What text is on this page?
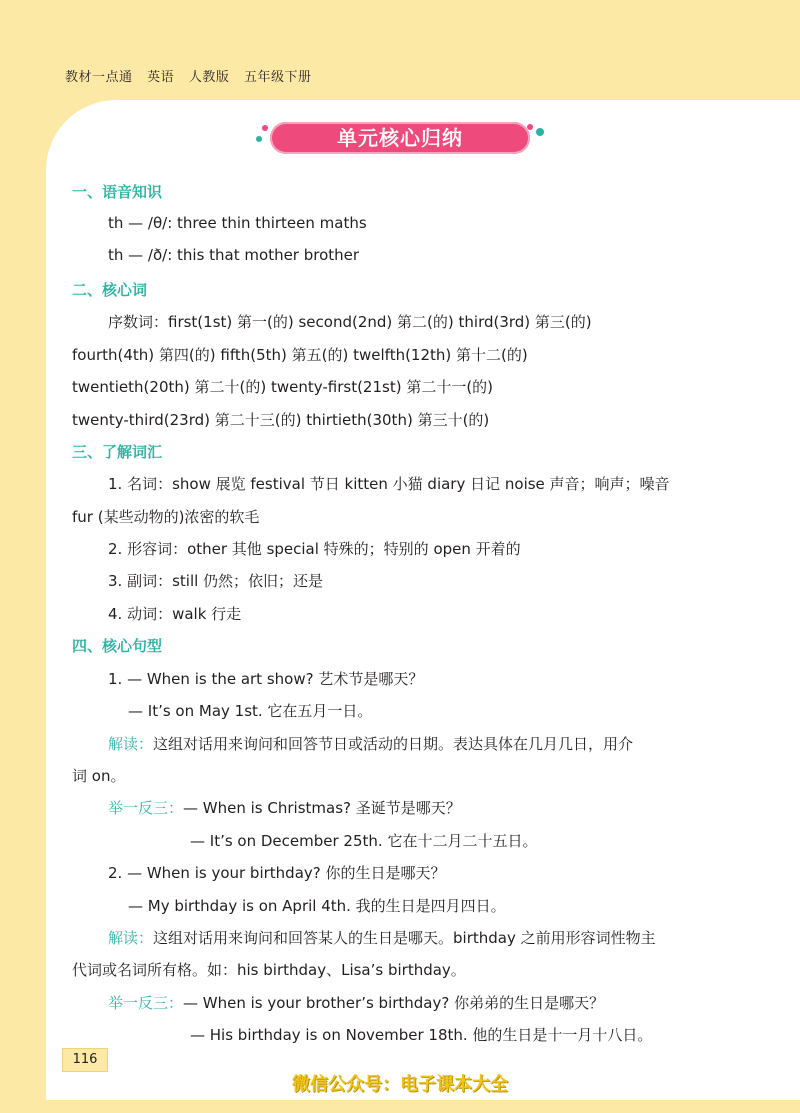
教材一点通 英语 人教版 五年级下册
单元核心归纳
一、语音知识
th — /θ/: three thin thirteen maths
th — /ð/: this that mother brother
二、核心词
序数词：first(1st) 第一(的) second(2nd) 第二(的) third(3rd) 第三(的)
fourth(4th) 第四(的) fifth(5th) 第五(的) twelfth(12th) 第十二(的)
twentieth(20th) 第二十(的) twenty-first(21st) 第二十一(的)
twenty-third(23rd) 第二十三(的) thirtieth(30th) 第三十(的)
三、了解词汇
1. 名词：show 展览 festival 节日 kitten 小猫 diary 日记 noise 声音；响声；噪音
fur (某些动物的)浓密的软毛
2. 形容词：other 其他 special 特殊的；特别的 open 开着的
3. 副词：still 仍然；依旧；还是
4. 动词：walk 行走
四、核心句型
1. — When is the art show? 艺术节是哪天？
— It’s on May 1st. 它在五月一日。
解读：这组对话用来询问和回答节日或活动的日期。表达具体在几月几日，用介
词 on。
举一反三：— When is Christmas? 圣诞节是哪天？
— It’s on December 25th. 它在十二月二十五日。
2. — When is your birthday? 你的生日是哪天？
— My birthday is on April 4th. 我的生日是四月四日。
解读：这组对话用来询问和回答某人的生日是哪天。birthday 之前用形容词性物主
代词或名词所有格。如：his birthday、Lisa’s birthday。
举一反三：— When is your brother’s birthday? 你弟弟的生日是哪天？
— His birthday is on November 18th. 他的生日是十一月十八日。
116
微信公众号：电子课本大全
